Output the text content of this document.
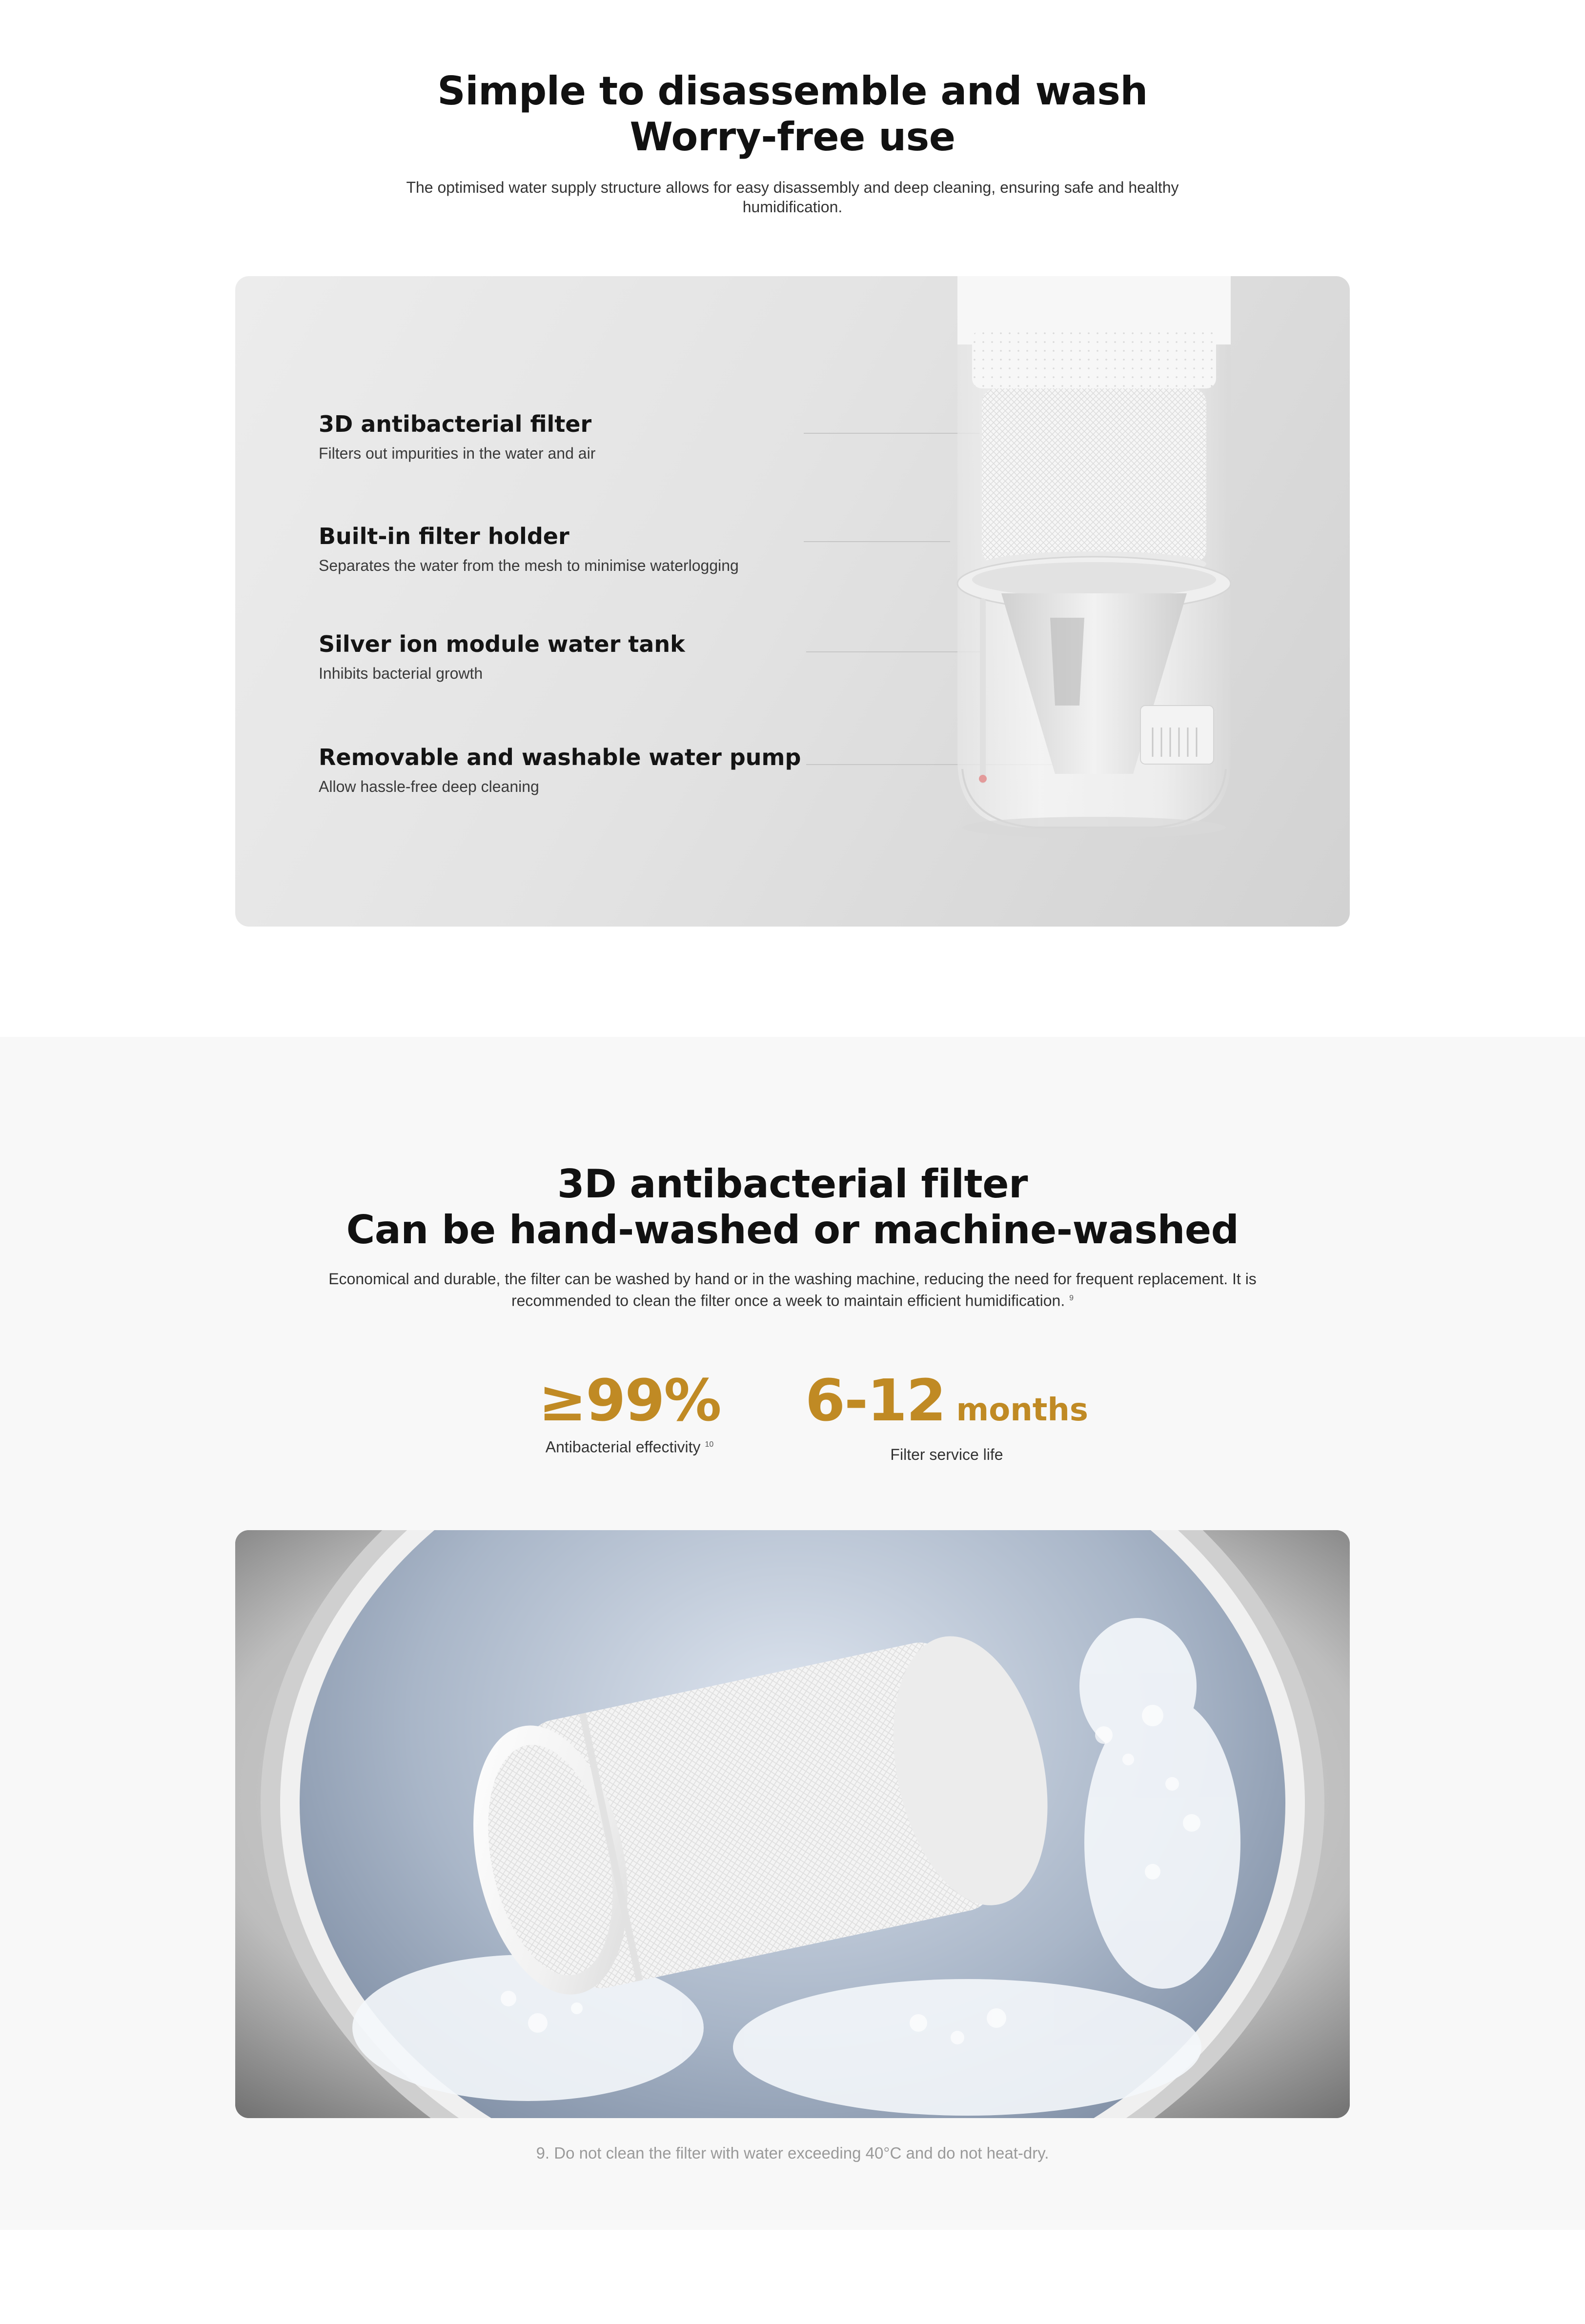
Simple to disassemble and wash
Worry-free use

The optimised water supply structure allows for easy disassembly and deep cleaning, ensuring safe and healthy humidification.

3D antibacterial filter
Filters out impurities in the water and air
Built-in filter holder
Separates the water from the mesh to minimise waterlogging
Silver ion module water tank
Inhibits bacterial growth
Removable and washable water pump
Allow hassle-free deep cleaning
3D antibacterial filter
Can be hand-washed or machine-washed

Economical and durable, the filter can be washed by hand or in the washing machine, reducing the need for frequent replacement. It is recommended to clean the filter once a week to maintain efficient humidification. $^9$

≥99%
Antibacterial effectivity $^{10}$
6-12 months
Filter service life

9. Do not clean the filter with water exceeding 40°C and do not heat-dry.
